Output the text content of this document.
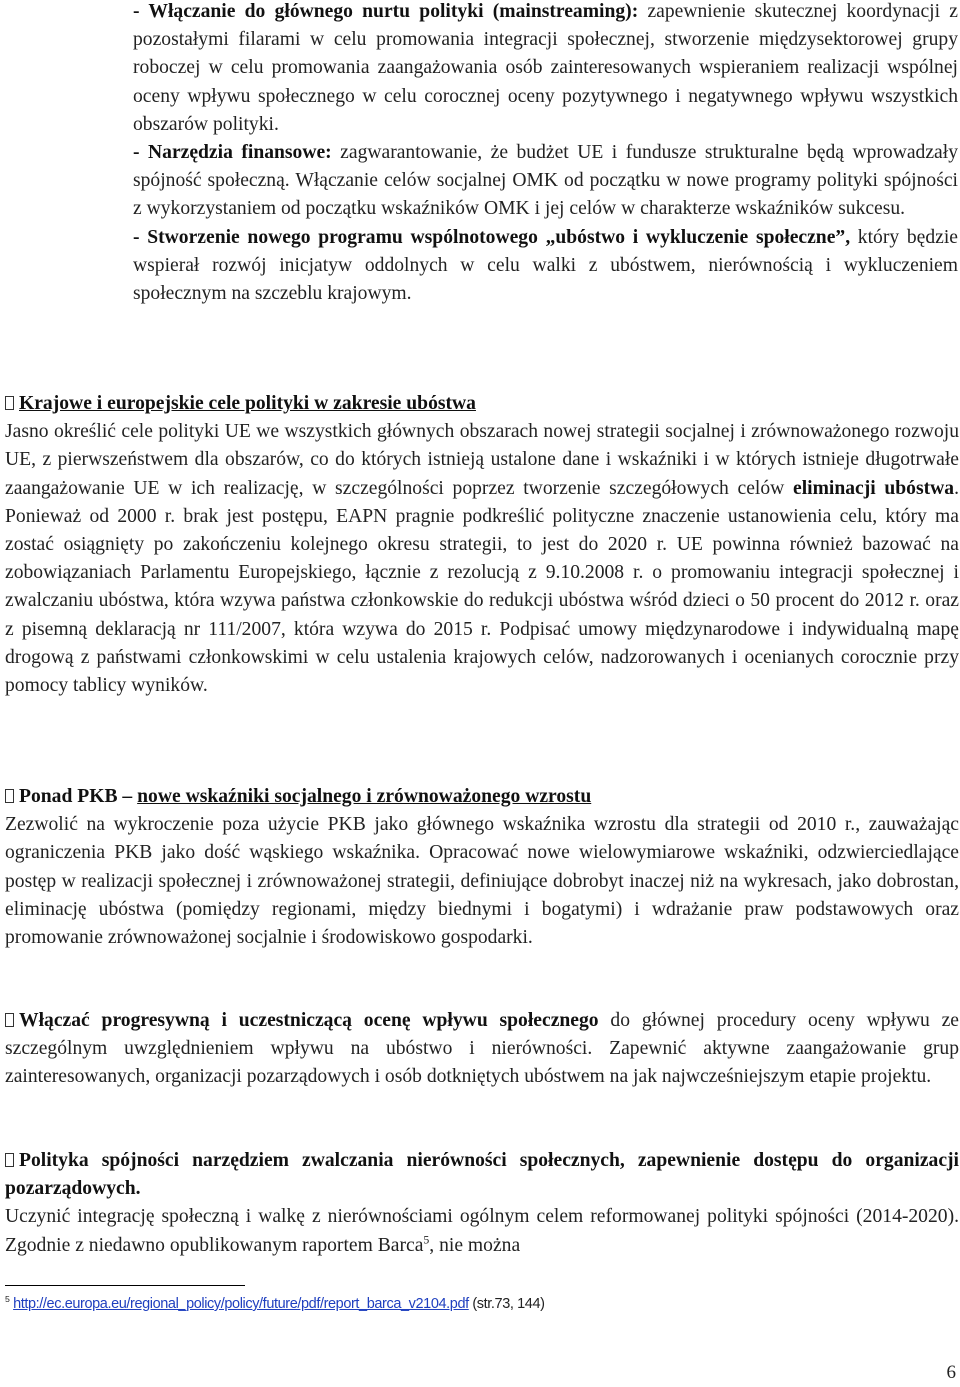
- Włączanie do głównego nurtu polityki (mainstreaming): zapewnienie skutecznej koordynacji z pozostałymi filarami w celu promowania integracji społecznej, stworzenie międzysektorowej grupy roboczej w celu promowania zaangażowania osób zainteresowanych wspieraniem realizacji wspólnej oceny wpływu społecznego w celu corocznej oceny pozytywnego i negatywnego wpływu wszystkich obszarów polityki.

- Narzędzia finansowe: zagwarantowanie, że budżet UE i fundusze strukturalne będą wprowadzały spójność społeczną. Włączanie celów socjalnej OMK od początku w nowe programy polityki spójności z wykorzystaniem od początku wskaźników OMK i jej celów w charakterze wskaźników sukcesu.

- Stworzenie nowego programu wspólnotowego „ubóstwo i wykluczenie społeczne”, który będzie wspierał rozwój inicjatyw oddolnych w celu walki z ubóstwem, nierównością i wykluczeniem społecznym na szczeblu krajowym.

Krajowe i europejskie cele polityki w zakresie ubóstwa

Jasno określić cele polityki UE we wszystkich głównych obszarach nowej strategii socjalnej i zrównoważonego rozwoju UE, z pierwszeństwem dla obszarów, co do których istnieją ustalone dane i wskaźniki i w których istnieje długotrwałe zaangażowanie UE w ich realizację, w szczególności poprzez tworzenie szczegółowych celów eliminacji ubóstwa. Ponieważ od 2000 r. brak jest postępu, EAPN pragnie podkreślić polityczne znaczenie ustanowienia celu, który ma zostać osiągnięty po zakończeniu kolejnego okresu strategii, to jest do 2020 r. UE powinna również bazować na zobowiązaniach Parlamentu Europejskiego, łącznie z rezolucją z 9.10.2008 r. o promowaniu integracji społecznej i zwalczaniu ubóstwa, która wzywa państwa członkowskie do redukcji ubóstwa wśród dzieci o 50 procent do 2012 r. oraz z pisemną deklaracją nr 111/2007, która wzywa do 2015 r. Podpisać umowy międzynarodowe i indywidualną mapę drogową z państwami członkowskimi w celu ustalenia krajowych celów, nadzorowanych i ocenianych corocznie przy pomocy tablicy wyników.

Ponad PKB – nowe wskaźniki socjalnego i zrównoważonego wzrostu

Zezwolić na wykroczenie poza użycie PKB jako głównego wskaźnika wzrostu dla strategii od 2010 r., zauważając ograniczenia PKB jako dość wąskiego wskaźnika. Opracować nowe wielowymiarowe wskaźniki, odzwierciedlające postęp w realizacji społecznej i zrównoważonej strategii, definiujące dobrobyt inaczej niż na wykresach, jako dobrostan, eliminację ubóstwa (pomiędzy regionami, między biednymi i bogatymi) i wdrażanie praw podstawowych oraz promowanie zrównoważonej socjalnie i środowiskowo gospodarki.

Włączać progresywną i uczestniczącą ocenę wpływu społecznego do głównej procedury oceny wpływu ze szczególnym uwzględnieniem wpływu na ubóstwo i nierówności. Zapewnić aktywne zaangażowanie grup zainteresowanych, organizacji pozarządowych i osób dotkniętych ubóstwem na jak najwcześniejszym etapie projektu.

Polityka spójności narzędziem zwalczania nierówności społecznych, zapewnienie dostępu do organizacji pozarządowych.

Uczynić integrację społeczną i walkę z nierównościami ogólnym celem reformowanej polityki spójności (2014-2020). Zgodnie z niedawno opublikowanym raportem Barca$^5$, nie można

$^5$ http://ec.europa.eu/regional_policy/policy/future/pdf/report_barca_v2104.pdf (str.73, 144)
6
